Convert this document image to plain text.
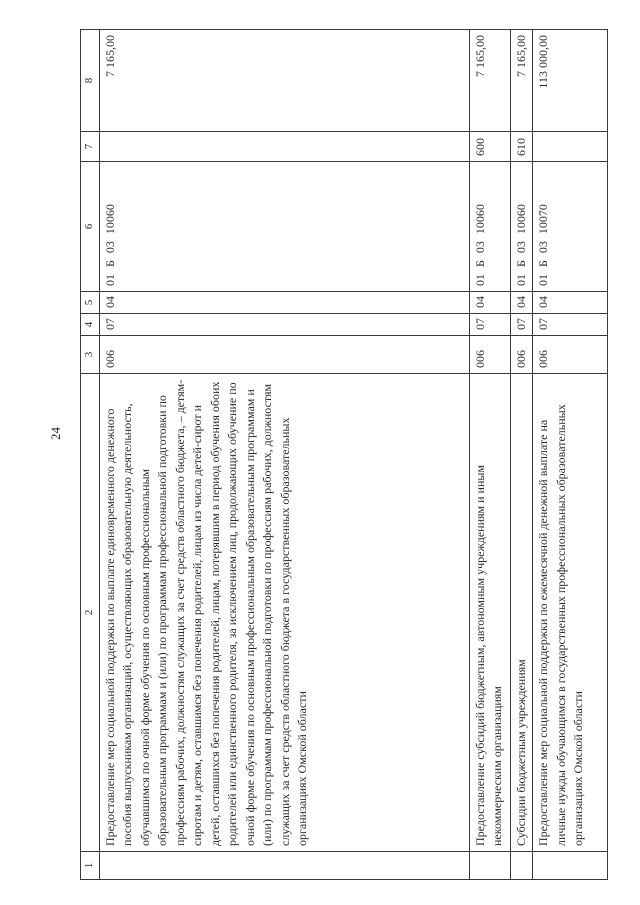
24
1	2	3	4	5	6	7	8
	Предоставление мер социальной поддержки по выплате единовременного денежного пособия выпускникам организаций, осуществляющих образовательную деятельность, обучавшимся по очной форме обучения по основным профессиональным образовательным программам и (или) по программам профессиональной подготовки по профессиям рабочих, должностям служащих за счет средств областного бюджета, – детям-сиротам и детям, оставшимся без попечения родителей, лицам из числа детей-сирот и детей, оставшихся без попечения родителей, лицам, потерявшим в период обучения обоих родителей или единственного родителя, за исключением лиц, продолжающих обучение по очной форме обучения по основным профессиональным образовательным программам и (или) по программам профессиональной подготовки по профессиям рабочих, должностям служащих за счет средств областного бюджета в государственных образовательных организациях Омской области	006	07	04	01 Б 03 10060		7 165,00
	Предоставление субсидий бюджетным, автономным учреждениям и иным некоммерческим организациям	006	07	04	01 Б 03 10060	600	7 165,00
	Субсидии бюджетным учреждениям	006	07	04	01 Б 03 10060	610	7 165,00
	Предоставление мер социальной поддержки по ежемесячной денежной выплате на личные нужды обучающимся в государственных профессиональных образовательных организациях Омской области	006	07	04	01 Б 03 10070		113 000,00
